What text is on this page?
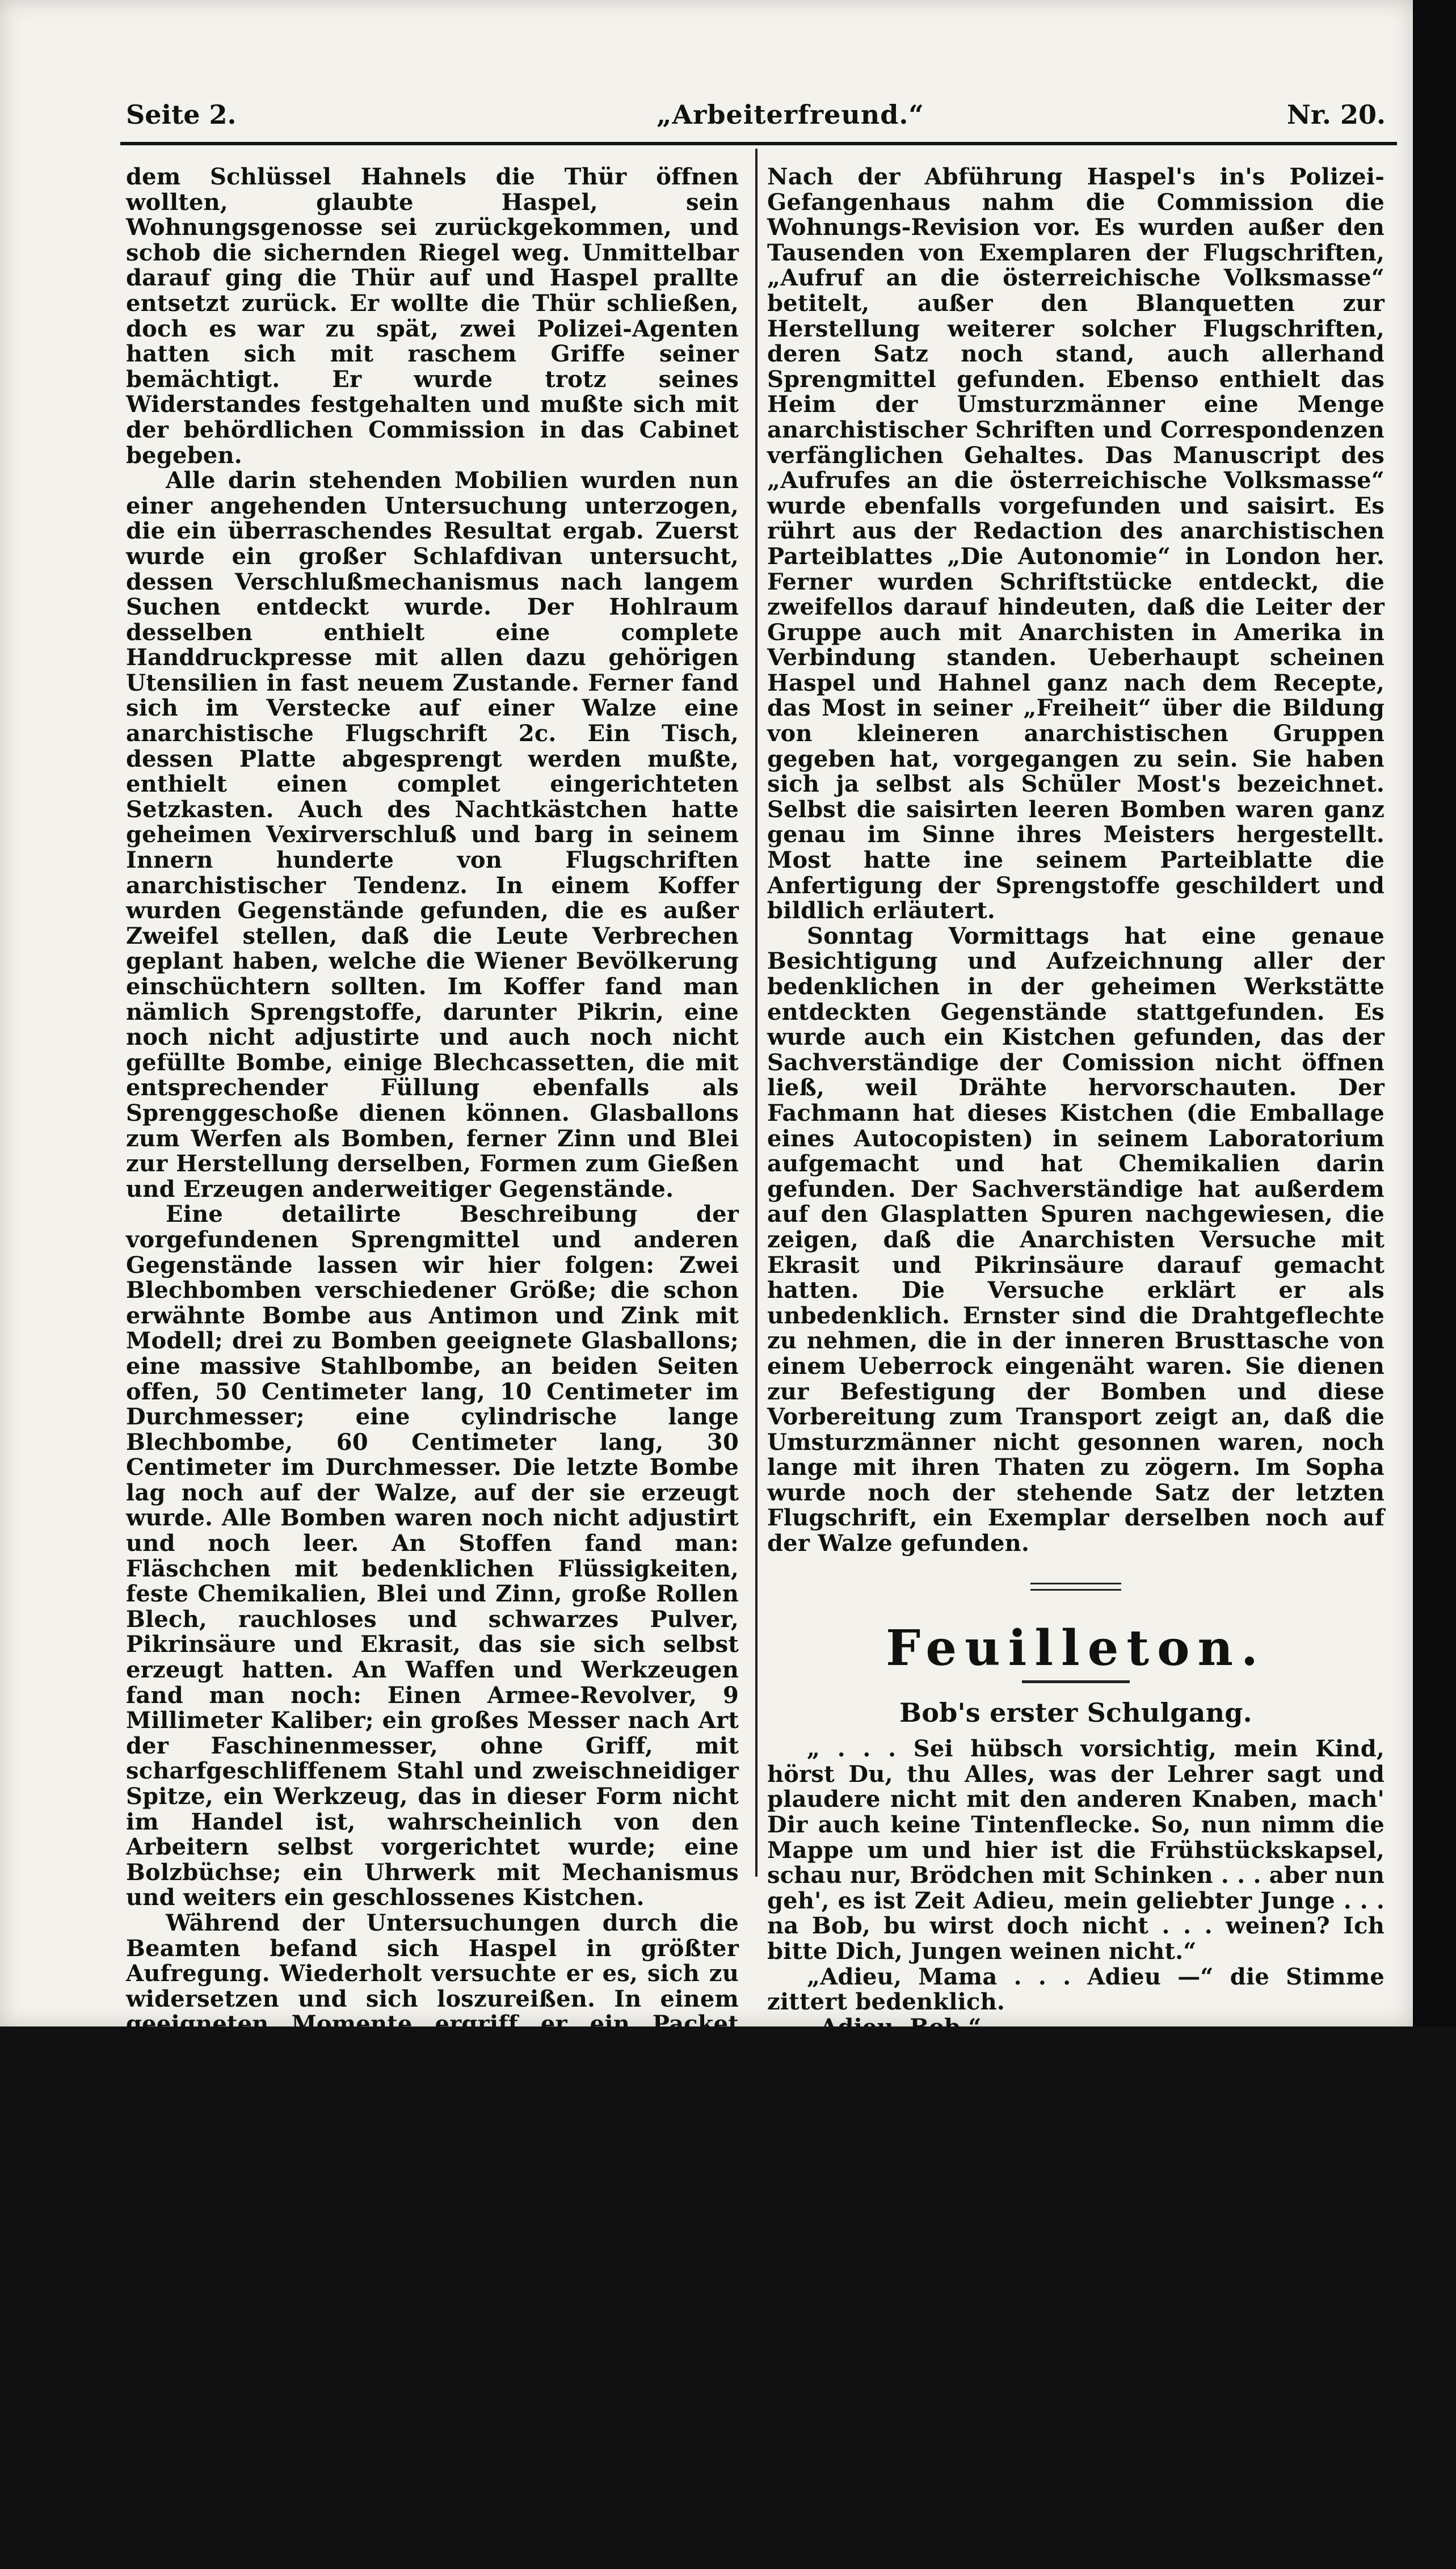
Seite 2.	„Arbeiterfreund.“	Nr. 20.

dem Schlüssel Hahnels die Thür öffnen wollten, glaubte Haspel, sein Wohnungsgenosse sei zurückgekommen, und schob die sichernden Riegel weg. Unmittelbar darauf ging die Thür auf und Haspel prallte entsetzt zurück. Er wollte die Thür schließen, doch es war zu spät, zwei Polizei-Agenten hatten sich mit raschem Griffe seiner bemächtigt. Er wurde trotz seines Widerstandes festgehalten und mußte sich mit der behördlichen Commission in das Cabinet begeben.

Alle darin stehenden Mobilien wurden nun einer angehenden Untersuchung unterzogen, die ein überraschendes Resultat ergab. Zuerst wurde ein großer Schlafdivan untersucht, dessen Verschlußmechanismus nach langem Suchen entdeckt wurde. Der Hohlraum desselben enthielt eine complete Handdruckpresse mit allen dazu gehörigen Utensilien in fast neuem Zustande. Ferner fand sich im Verstecke auf einer Walze eine anarchistische Flugschrift 2c. Ein Tisch, dessen Platte abgesprengt werden mußte, enthielt einen complet eingerichteten Setzkasten. Auch des Nachtkästchen hatte geheimen Vexirverschluß und barg in seinem Innern hunderte von Flugschriften anarchistischer Tendenz. In einem Koffer wurden Gegenstände gefunden, die es außer Zweifel stellen, daß die Leute Verbrechen geplant haben, welche die Wiener Bevölkerung einschüchtern sollten. Im Koffer fand man nämlich Sprengstoffe, darunter Pikrin, eine noch nicht adjustirte und auch noch nicht gefüllte Bombe, einige Blechcassetten, die mit entsprechender Füllung ebenfalls als Sprenggeschoße dienen können. Glasballons zum Werfen als Bomben, ferner Zinn und Blei zur Herstellung derselben, Formen zum Gießen und Erzeugen anderweitiger Gegenstände.

Eine detailirte Beschreibung der vorgefundenen Sprengmittel und anderen Gegenstände lassen wir hier folgen: Zwei Blechbomben verschiedener Größe; die schon erwähnte Bombe aus Antimon und Zink mit Modell; drei zu Bomben geeignete Glasballons; eine massive Stahlbombe, an beiden Seiten offen, 50 Centimeter lang, 10 Centimeter im Durchmesser; eine cylindrische lange Blechbombe, 60 Centimeter lang, 30 Centimeter im Durchmesser. Die letzte Bombe lag noch auf der Walze, auf der sie erzeugt wurde. Alle Bomben waren noch nicht adjustirt und noch leer. An Stoffen fand man: Fläschchen mit bedenklichen Flüssigkeiten, feste Chemikalien, Blei und Zinn, große Rollen Blech, rauchloses und schwarzes Pulver, Pikrinsäure und Ekrasit, das sie sich selbst erzeugt hatten. An Waffen und Werkzeugen fand man noch: Einen Armee-Revolver, 9 Millimeter Kaliber; ein großes Messer nach Art der Faschinenmesser, ohne Griff, mit scharfgeschliffenem Stahl und zweischneidiger Spitze, ein Werkzeug, das in dieser Form nicht im Handel ist, wahrscheinlich von den Arbeitern selbst vorgerichtet wurde; eine Bolzbüchse; ein Uhrwerk mit Mechanismus und weiters ein geschlossenes Kistchen.

Während der Untersuchungen durch die Beamten befand sich Haspel in größter Aufregung. Wiederholt versuchte er es, sich zu widersetzen und sich loszureißen. In einem geeigneten Momente ergriff er ein Packet Flugschriften, sprang zu dem halbzeöffneten Fenster, warf das Packet auf die Straße und wollte sich selbst nachstürzen. Polizei-Agenten hielten ihn am Rocke fest und konnten ihn nur mit Gewalt zurückdrängen. In einer Kastenlade der Wohnung fand man einen geladenen Revolver mit Munition. Das gesammte Beweismaterial wurde mittelst Wagens zur Polizei-Direction gebracht.

Bei der Verhaftung Haspel's war alle Vorsicht geboten. Sie geschah folgendermaßen: Ein Beamter mit drei Detectives ging in die Wohnung im dritten Stock. Zwei Polizei-Agenten standen auf der Stiege, einer im Thorflur, zwei auf der Straße vor dem Hause. Von einem Entkommen Haspel's war also keine Rede. Sein Selbstmordversuch mißglückte, sein Widerstand wurde besiegt. Man brachte ihn unter sicherer Bedeckung zum Wagen und dieser fuhr ihn in's Polizei-Gefangenhaus.

Nach der Abführung Haspel's in's Polizei-Gefangenhaus nahm die Commission die Wohnungs-Revision vor. Es wurden außer den Tausenden von Exemplaren der Flugschriften, „Aufruf an die österreichische Volksmasse“ betitelt, außer den Blanquetten zur Herstellung weiterer solcher Flugschriften, deren Satz noch stand, auch allerhand Sprengmittel gefunden. Ebenso enthielt das Heim der Umsturzmänner eine Menge anarchistischer Schriften und Correspondenzen verfänglichen Gehaltes. Das Manuscript des „Aufrufes an die österreichische Volksmasse“ wurde ebenfalls vorgefunden und saisirt. Es rührt aus der Redaction des anarchistischen Parteiblattes „Die Autonomie“ in London her. Ferner wurden Schriftstücke entdeckt, die zweifellos darauf hindeuten, daß die Leiter der Gruppe auch mit Anarchisten in Amerika in Verbindung standen. Ueberhaupt scheinen Haspel und Hahnel ganz nach dem Recepte, das Most in seiner „Freiheit“ über die Bildung von kleineren anarchistischen Gruppen gegeben hat, vorgegangen zu sein. Sie haben sich ja selbst als Schüler Most's bezeichnet. Selbst die saisirten leeren Bomben waren ganz genau im Sinne ihres Meisters hergestellt. Most hatte ine seinem Parteiblatte die Anfertigung der Sprengstoffe geschildert und bildlich erläutert.

Sonntag Vormittags hat eine genaue Besichtigung und Aufzeichnung aller der bedenklichen in der geheimen Werkstätte entdeckten Gegenstände stattgefunden. Es wurde auch ein Kistchen gefunden, das der Sachverständige der Comission nicht öffnen ließ, weil Drähte hervorschauten. Der Fachmann hat dieses Kistchen (die Emballage eines Autocopisten) in seinem Laboratorium aufgemacht und hat Chemikalien darin gefunden. Der Sachverständige hat außerdem auf den Glasplatten Spuren nachgewiesen, die zeigen, daß die Anarchisten Versuche mit Ekrasit und Pikrinsäure darauf gemacht hatten. Die Versuche erklärt er als unbedenklich. Ernster sind die Drahtgeflechte zu nehmen, die in der inneren Brusttasche von einem Ueberrock eingenäht waren. Sie dienen zur Befestigung der Bomben und diese Vorbereitung zum Transport zeigt an, daß die Umsturzmänner nicht gesonnen waren, noch lange mit ihren Thaten zu zögern. Im Sopha wurde noch der stehende Satz der letzten Flugschrift, ein Exemplar derselben noch auf der Walze gefunden.

Feuilleton.
Bob's erster Schulgang.

„ . . . Sei hübsch vorsichtig, mein Kind, hörst Du, thu Alles, was der Lehrer sagt und plaudere nicht mit den anderen Knaben, mach' Dir auch keine Tintenflecke. So, nun nimm die Mappe um und hier ist die Frühstückskapsel, schau nur, Brödchen mit Schinken . . . aber nun geh', es ist Zeit Adieu, mein geliebter Junge . . . na Bob, bu wirst doch nicht . . . weinen? Ich bitte Dich, Jungen weinen nicht.“

„Adieu, Mama . . . Adieu —“ die Stimme zittert bedenklich.

„Adieu, Bob.“

Noch einen Kuß, fester wird der Riemen geschnallt; die Mutter wischt sich die Augen.

„Jette, paß nur auf, ich bitte Dich, besonders bei den Brückenübergängen.“

Jette nicht beruhigend, sie hüllt sich energisch ins Umschlagetuch, denn der Morgen ist kühl.

„Na nu, komm' man, armer Wurm,“ brummt sie, „mit Deiner Freiheit ist es aus; sie können es auch nicht erwarten, bis Du Professor wirst. Die Lehrer werden dir schon genug in den kleinen Kopf eintrichtern.“
